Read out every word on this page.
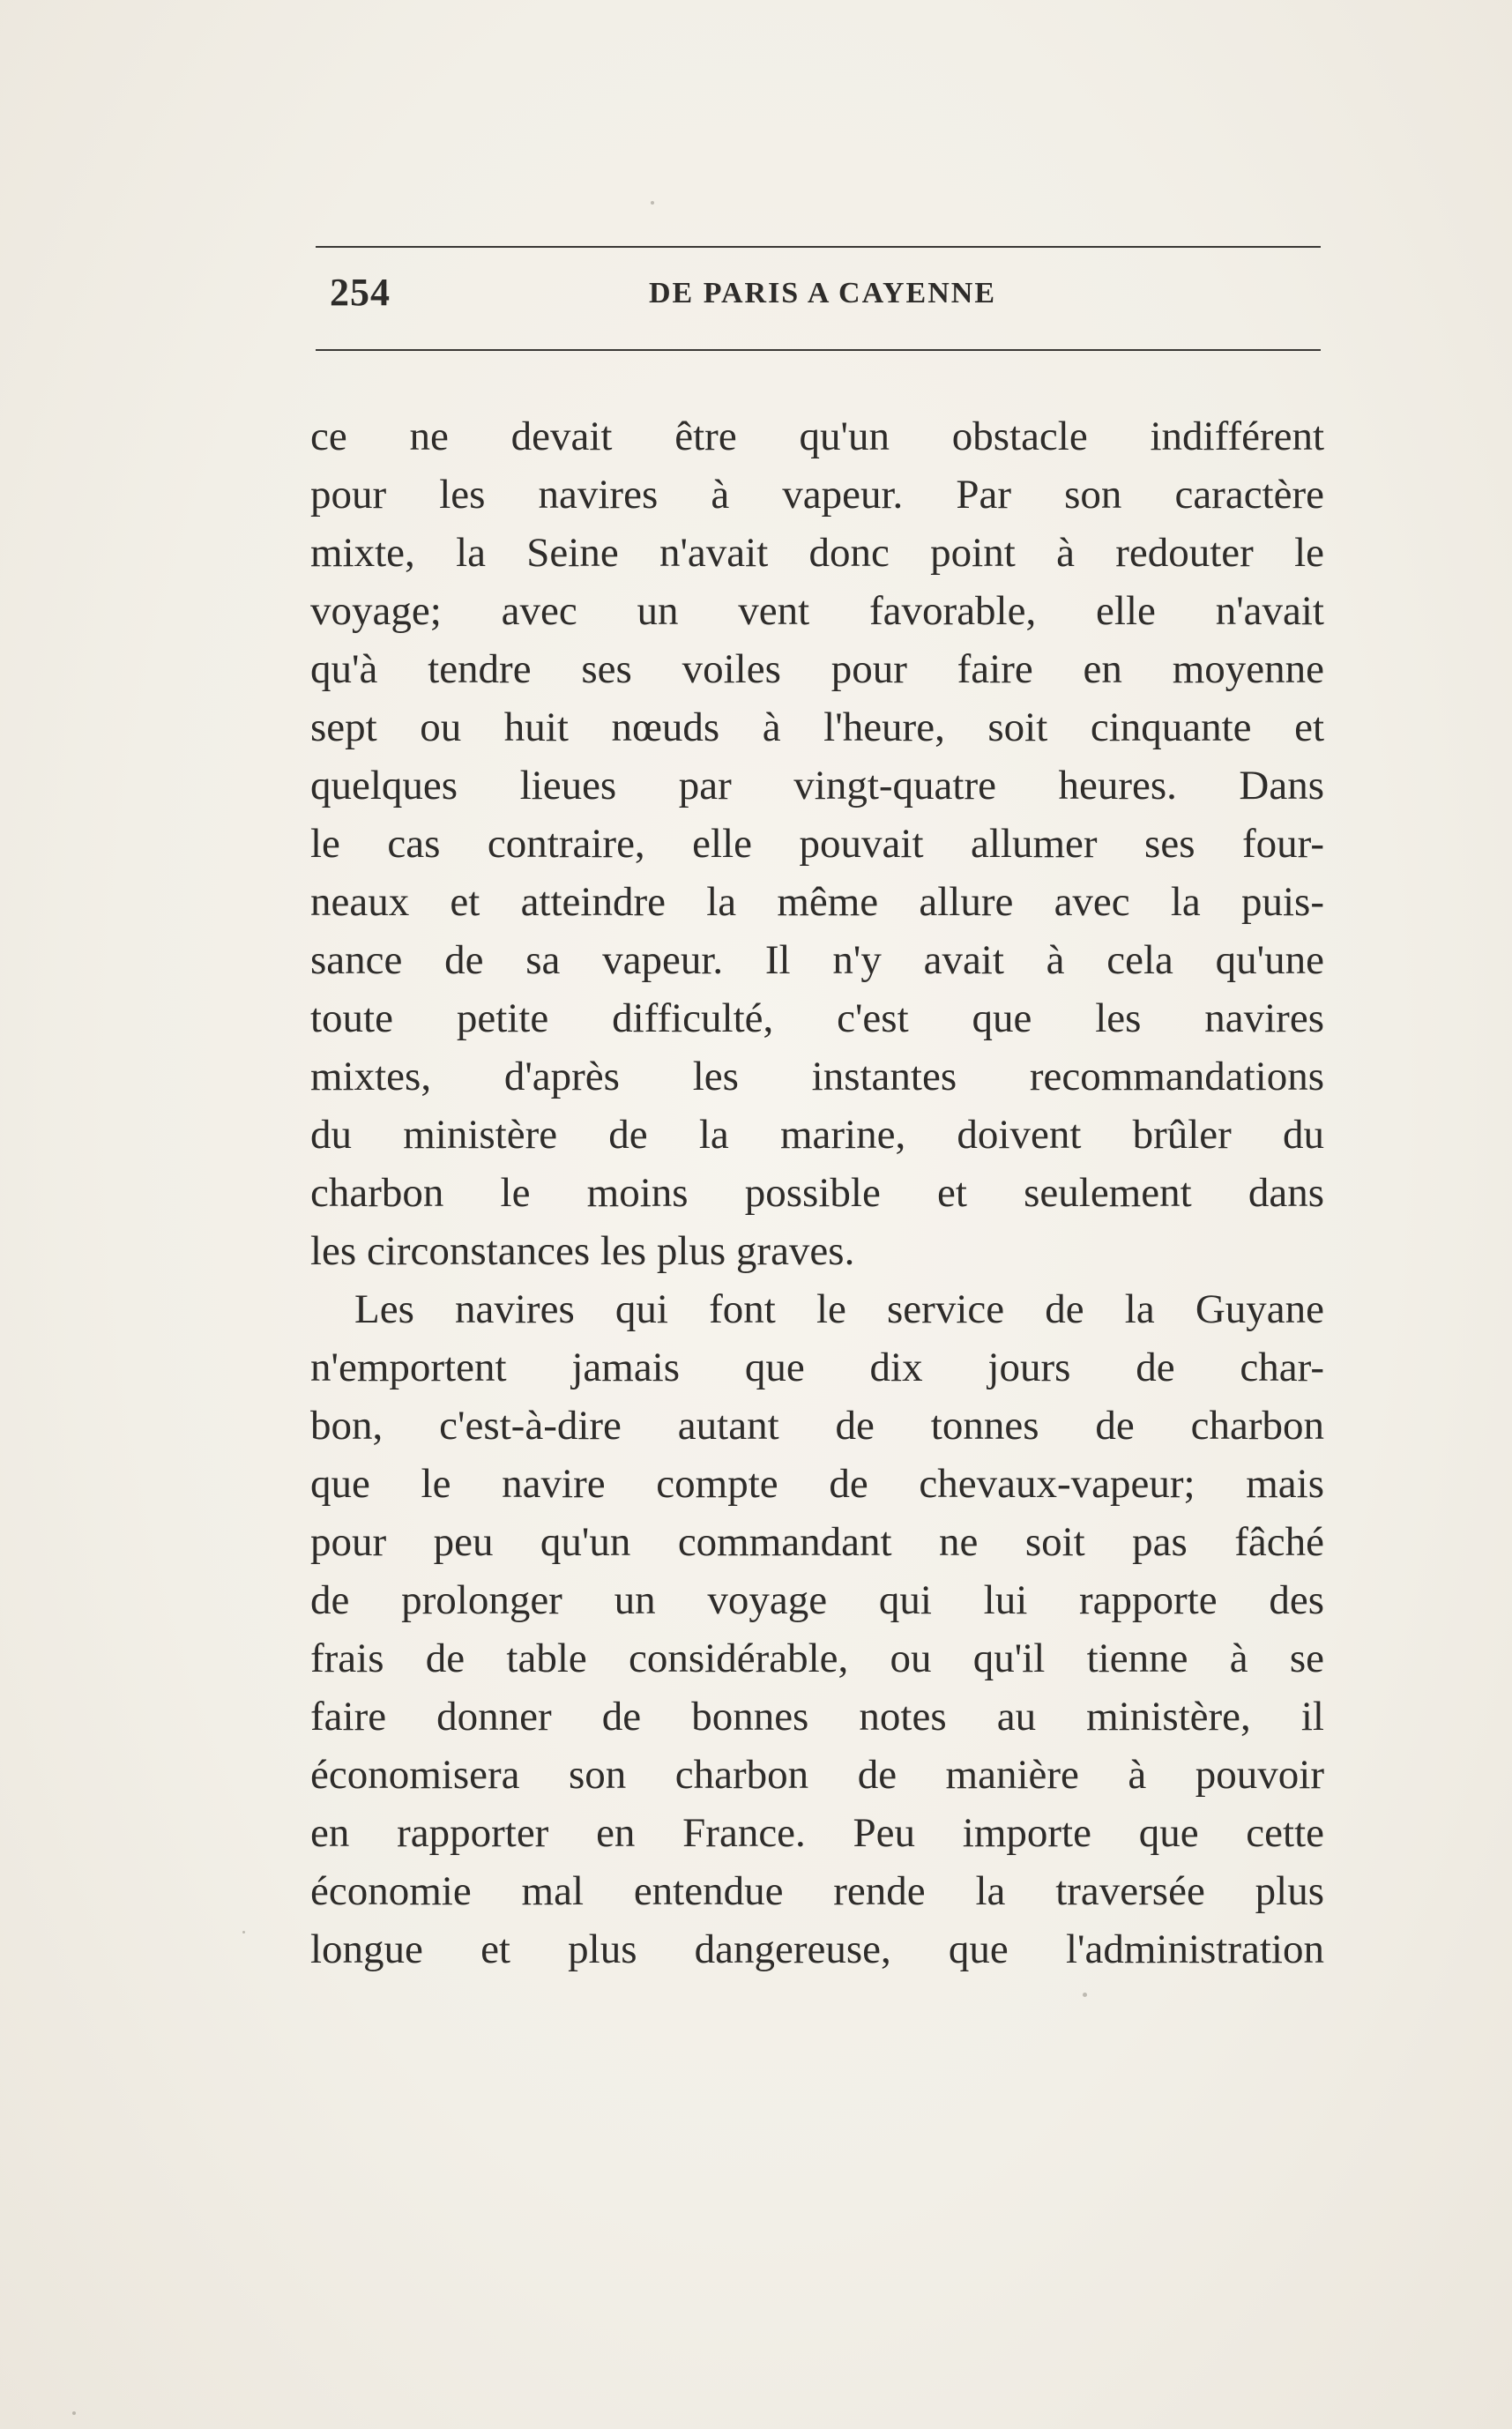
254	DE PARIS A CAYENNE
ce ne devait être qu'un obstacle indifférent
pour les navires à vapeur. Par son caractère
mixte, la Seine n'avait donc point à redouter le
voyage; avec un vent favorable, elle n'avait
qu'à tendre ses voiles pour faire en moyenne
sept ou huit nœuds à l'heure, soit cinquante et
quelques lieues par vingt-quatre heures. Dans
le cas contraire, elle pouvait allumer ses four-
neaux et atteindre la même allure avec la puis-
sance de sa vapeur. Il n'y avait à cela qu'une
toute petite difficulté, c'est que les navires
mixtes, d'après les instantes recommandations
du ministère de la marine, doivent brûler du
charbon le moins possible et seulement dans
les circonstances les plus graves.
Les navires qui font le service de la Guyane
n'emportent jamais que dix jours de char-
bon, c'est-à-dire autant de tonnes de charbon
que le navire compte de chevaux-vapeur; mais
pour peu qu'un commandant ne soit pas fâché
de prolonger un voyage qui lui rapporte des
frais de table considérable, ou qu'il tienne à se
faire donner de bonnes notes au ministère, il
économisera son charbon de manière à pouvoir
en rapporter en France. Peu importe que cette
économie mal entendue rende la traversée plus
longue et plus dangereuse, que l'administration
